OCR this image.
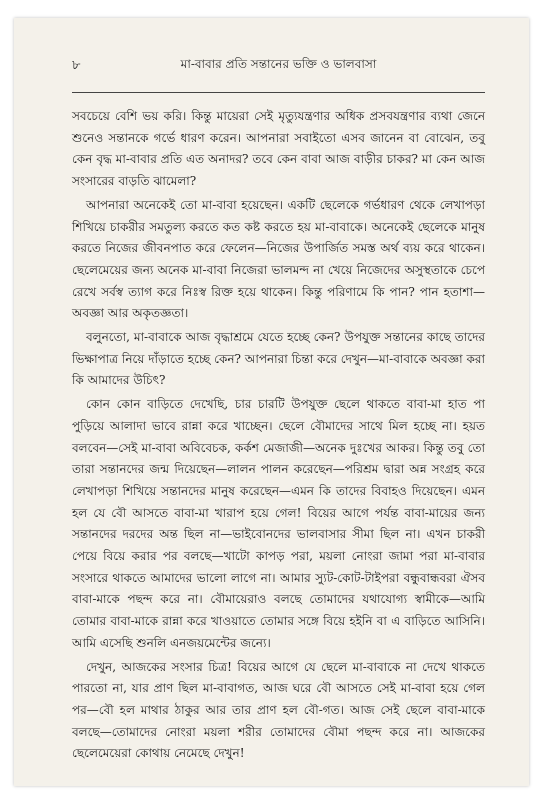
৮	মা-বাবার প্রতি সন্তানের ভক্তি ও ভালবাসা

সবচেয়ে বেশি ভয় করি। কিন্তু মায়েরা সেই মৃত্যুযন্ত্রণার অধিক প্রসবযন্ত্রণার ব্যথা জেনে শুনেও সন্তানকে গর্ভে ধারণ করেন। আপনারা সবাইতো এসব জানেন বা বোঝেন, তবু কেন বৃদ্ধ মা-বাবার প্রতি এত অনাদর? তবে কেন বাবা আজ বাড়ীর চাকর? মা কেন আজ সংসারের বাড়তি ঝামেলা?

আপনারা অনেকেই তো মা-বাবা হয়েছেন। একটি ছেলেকে গর্ভধারণ থেকে লেখাপড়া শিখিয়ে চাকরীর সমতুল্য করতে কত কষ্ট করতে হয় মা-বাবাকে। অনেকেই ছেলেকে মানুষ করতে নিজের জীবনপাত করে ফেলেন—নিজের উপার্জিত সমস্ত অর্থ ব্যয় করে থাকেন। ছেলেমেয়ের জন্য অনেক মা-বাবা নিজেরা ভালমন্দ না খেয়ে নিজেদের অসুস্থতাকে চেপে রেখে সর্বস্ব ত্যাগ করে নিঃস্ব রিক্ত হয়ে থাকেন। কিন্তু পরিণামে কি পান? পান হতাশা—অবজ্ঞা আর অকৃতজ্ঞতা।

বলুনতো, মা-বাবাকে আজ বৃদ্ধাশ্রমে যেতে হচ্ছে কেন? উপযুক্ত সন্তানের কাছে তাদের ভিক্ষাপাত্র নিয়ে দাঁড়াতে হচ্ছে কেন? আপনারা চিন্তা করে দেখুন—মা-বাবাকে অবজ্ঞা করা কি আমাদের উচিৎ?

কোন কোন বাড়িতে দেখেছি, চার চারটি উপযুক্ত ছেলে থাকতে বাবা-মা হাত পা পুড়িয়ে আলাদা ভাবে রান্না করে খাচ্ছেন। ছেলে বৌমাদের সাথে মিল হচ্ছে না। হয়ত বলবেন—সেই মা-বাবা অবিবেচক, কর্কশ মেজাজী—অনেক দুঃখের আকর। কিন্তু তবু তো তারা সন্তানদের জন্ম দিয়েছেন—লালন পালন করেছেন—পরিশ্রম দ্বারা অন্ন সংগ্রহ করে লেখাপড়া শিখিয়ে সন্তানদের মানুষ করেছেন—এমন কি তাদের বিবাহও দিয়েছেন। এমন হল যে বৌ আসতে বাবা-মা খারাপ হয়ে গেল! বিয়ের আগে পর্যন্ত বাবা-মায়ের জন্য সন্তানদের দরদের অন্ত ছিল না—ভাইবোনদের ভালবাসার সীমা ছিল না। এখন চাকরী পেয়ে বিয়ে করার পর বলছে—খাটো কাপড় পরা, ময়লা নোংরা জামা পরা মা-বাবার সংসারে থাকতে আমাদের ভালো লাগে না। আমার স্যুট-কোট-টাইপরা বন্ধুবান্ধবরা ঐসব বাবা-মাকে পছন্দ করে না। বৌমায়েরাও বলছে তোমাদের যথাযোগ্য স্বামীকে—আমি তোমার বাবা-মাকে রান্না করে খাওয়াতে তোমার সঙ্গে বিয়ে হইনি বা এ বাড়িতে আসিনি। আমি এসেছি শুনলি এনজয়মেন্টের জন্যে।

দেখুন, আজকের সংসার চিত্র! বিয়ের আগে যে ছেলে মা-বাবাকে না দেখে থাকতে পারতো না, যার প্রাণ ছিল মা-বাবাগত, আজ ঘরে বৌ আসতে সেই মা-বাবা হয়ে গেল পর—বৌ হল মাথার ঠাকুর আর তার প্রাণ হল বৌ-গত। আজ সেই ছেলে বাবা-মাকে বলছে—তোমাদের নোংরা ময়লা শরীর তোমাদের বৌমা পছন্দ করে না। আজকের ছেলেমেয়েরা কোথায় নেমেছে দেখুন!
